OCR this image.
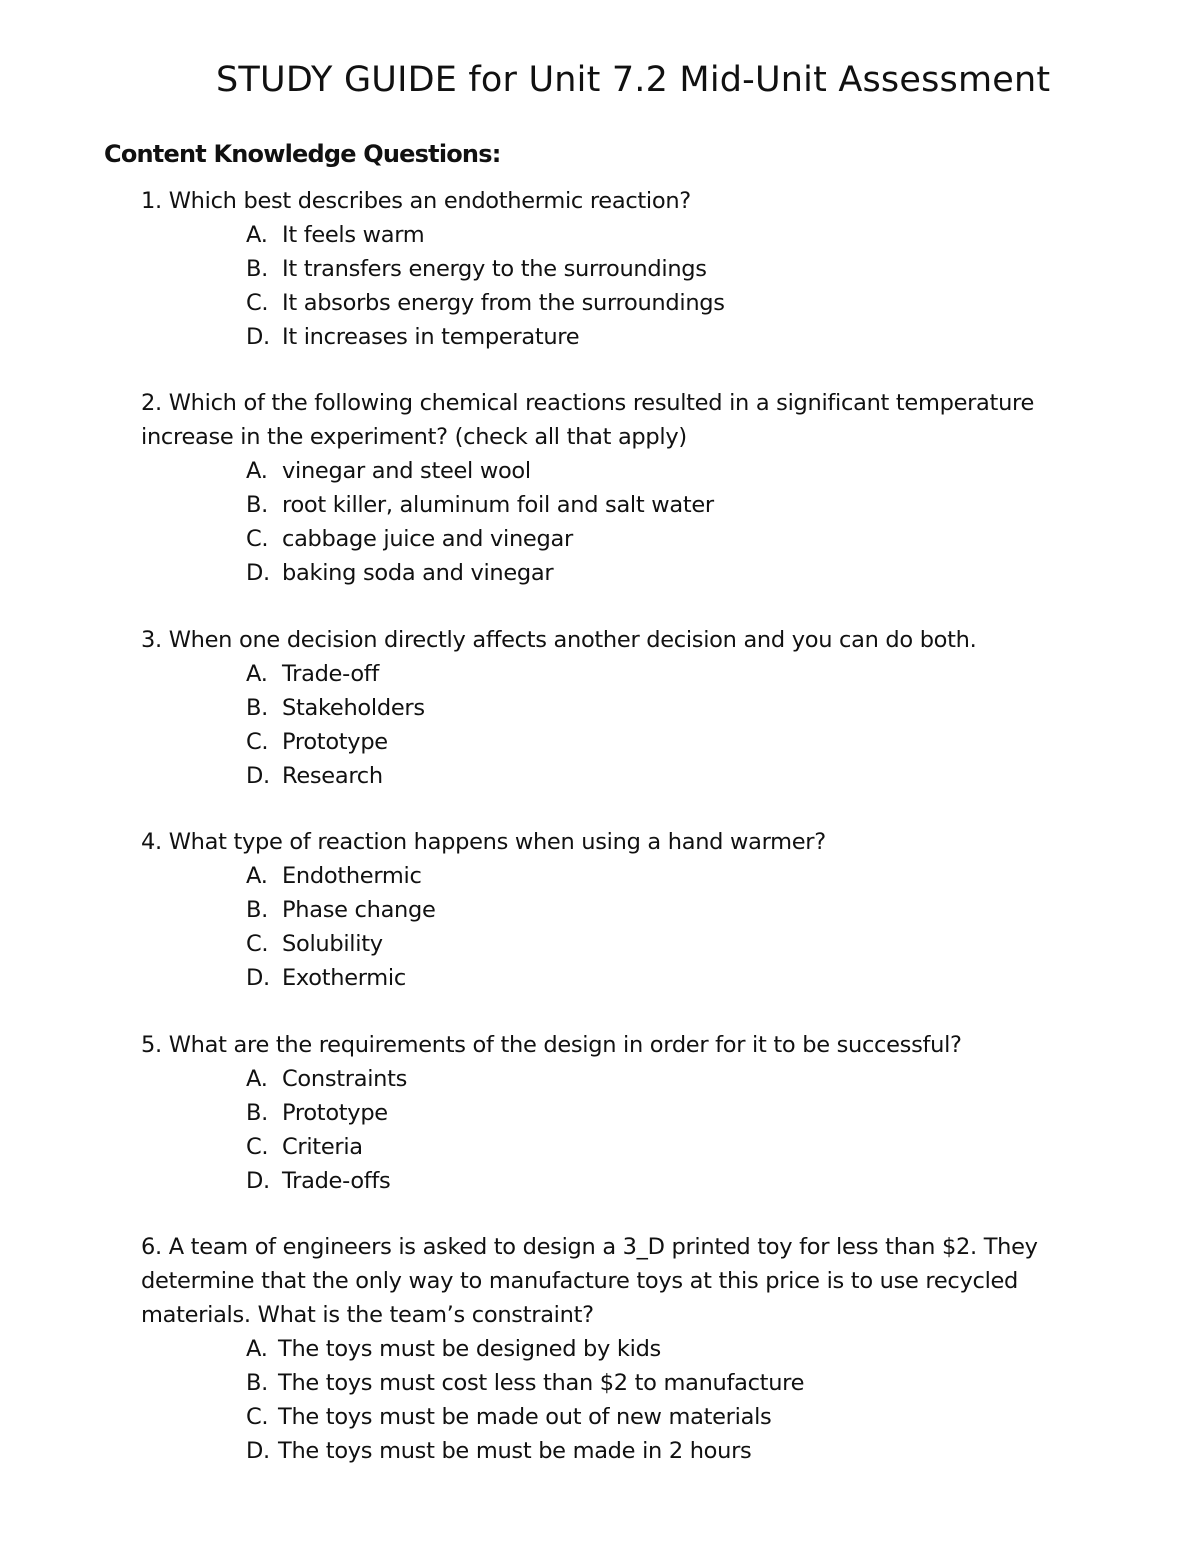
STUDY GUIDE for Unit 7.2 Mid-Unit Assessment
Content Knowledge Questions:
1. Which best describes an endothermic reaction?
A. It feels warm
B. It transfers energy to the surroundings
C. It absorbs energy from the surroundings
D. It increases in temperature
2. Which of the following chemical reactions resulted in a significant temperature
increase in the experiment? (check all that apply)
A. vinegar and steel wool
B. root killer, aluminum foil and salt water
C. cabbage juice and vinegar
D. baking soda and vinegar
3. When one decision directly affects another decision and you can do both.
A. Trade-off
B. Stakeholders
C. Prototype
D. Research
4. What type of reaction happens when using a hand warmer?
A. Endothermic
B. Phase change
C. Solubility
D. Exothermic
5. What are the requirements of the design in order for it to be successful?
A. Constraints
B. Prototype
C. Criteria
D. Trade-offs
6. A team of engineers is asked to design a 3_D printed toy for less than $2. They
determine that the only way to manufacture toys at this price is to use recycled
materials. What is the team’s constraint?
A. The toys must be designed by kids
B. The toys must cost less than $2 to manufacture
C. The toys must be made out of new materials
D. The toys must be must be made in 2 hours
